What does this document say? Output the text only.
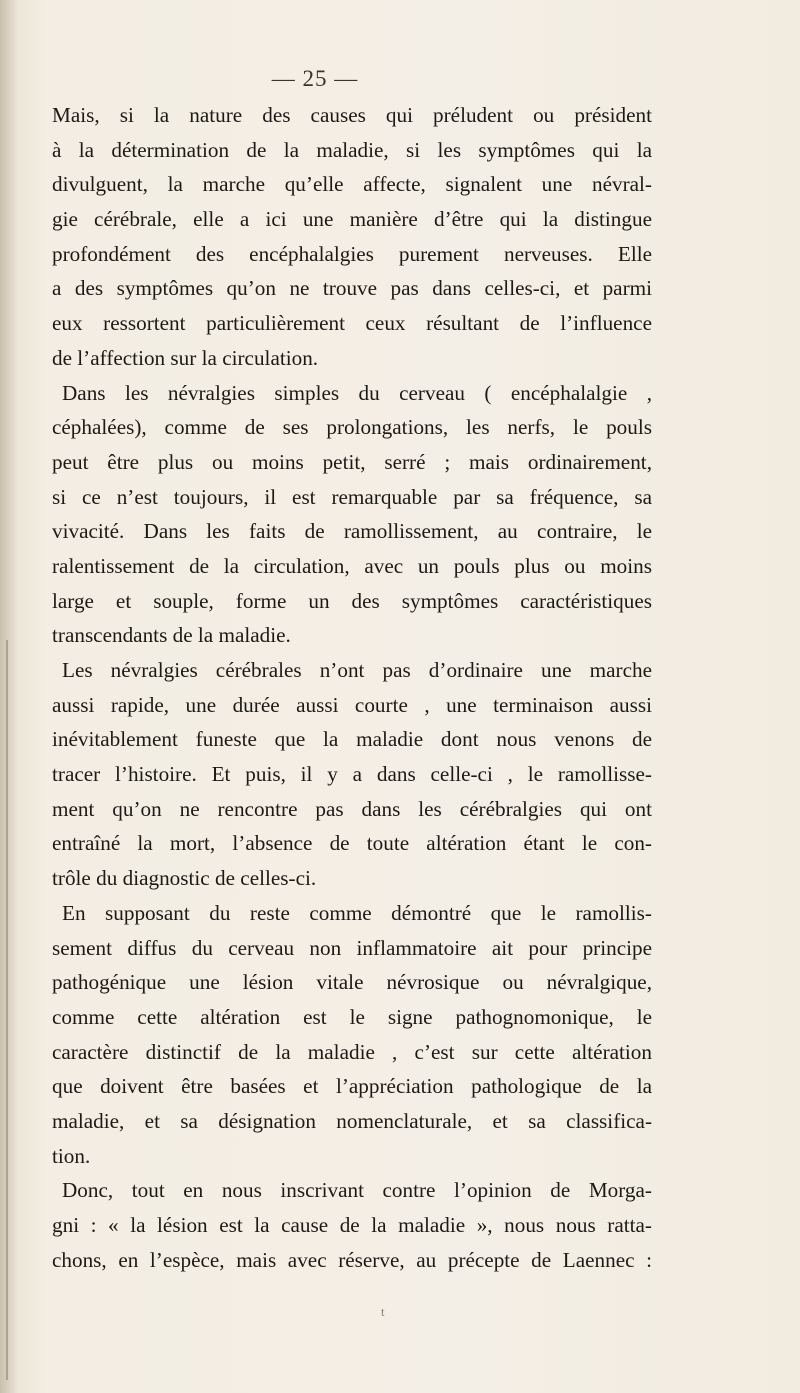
— 25 —
Mais, si la nature des causes qui préludent ou président
à la détermination de la maladie, si les symptômes qui la
divulguent, la marche qu’elle affecte, signalent une névral-
gie cérébrale, elle a ici une manière d’être qui la distingue
profondément des encéphalalgies purement nerveuses. Elle
a des symptômes qu’on ne trouve pas dans celles-ci, et parmi
eux ressortent particulièrement ceux résultant de l’influence
de l’affection sur la circulation.
Dans les névralgies simples du cerveau ( encéphalalgie ,
céphalées), comme de ses prolongations, les nerfs, le pouls
peut être plus ou moins petit, serré ; mais ordinairement,
si ce n’est toujours, il est remarquable par sa fréquence, sa
vivacité. Dans les faits de ramollissement, au contraire, le
ralentissement de la circulation, avec un pouls plus ou moins
large et souple, forme un des symptômes caractéristiques
transcendants de la maladie.
Les névralgies cérébrales n’ont pas d’ordinaire une marche
aussi rapide, une durée aussi courte , une terminaison aussi
inévitablement funeste que la maladie dont nous venons de
tracer l’histoire. Et puis, il y a dans celle-ci , le ramollisse-
ment qu’on ne rencontre pas dans les cérébralgies qui ont
entraîné la mort, l’absence de toute altération étant le con-
trôle du diagnostic de celles-ci.
En supposant du reste comme démontré que le ramollis-
sement diffus du cerveau non inflammatoire ait pour principe
pathogénique une lésion vitale névrosique ou névralgique,
comme cette altération est le signe pathognomonique, le
caractère distinctif de la maladie , c’est sur cette altération
que doivent être basées et l’appréciation pathologique de la
maladie, et sa désignation nomenclaturale, et sa classifica-
tion.
Donc, tout en nous inscrivant contre l’opinion de Morga-
gni : « la lésion est la cause de la maladie », nous nous ratta-
chons, en l’espèce, mais avec réserve, au précepte de Laennec :
t
